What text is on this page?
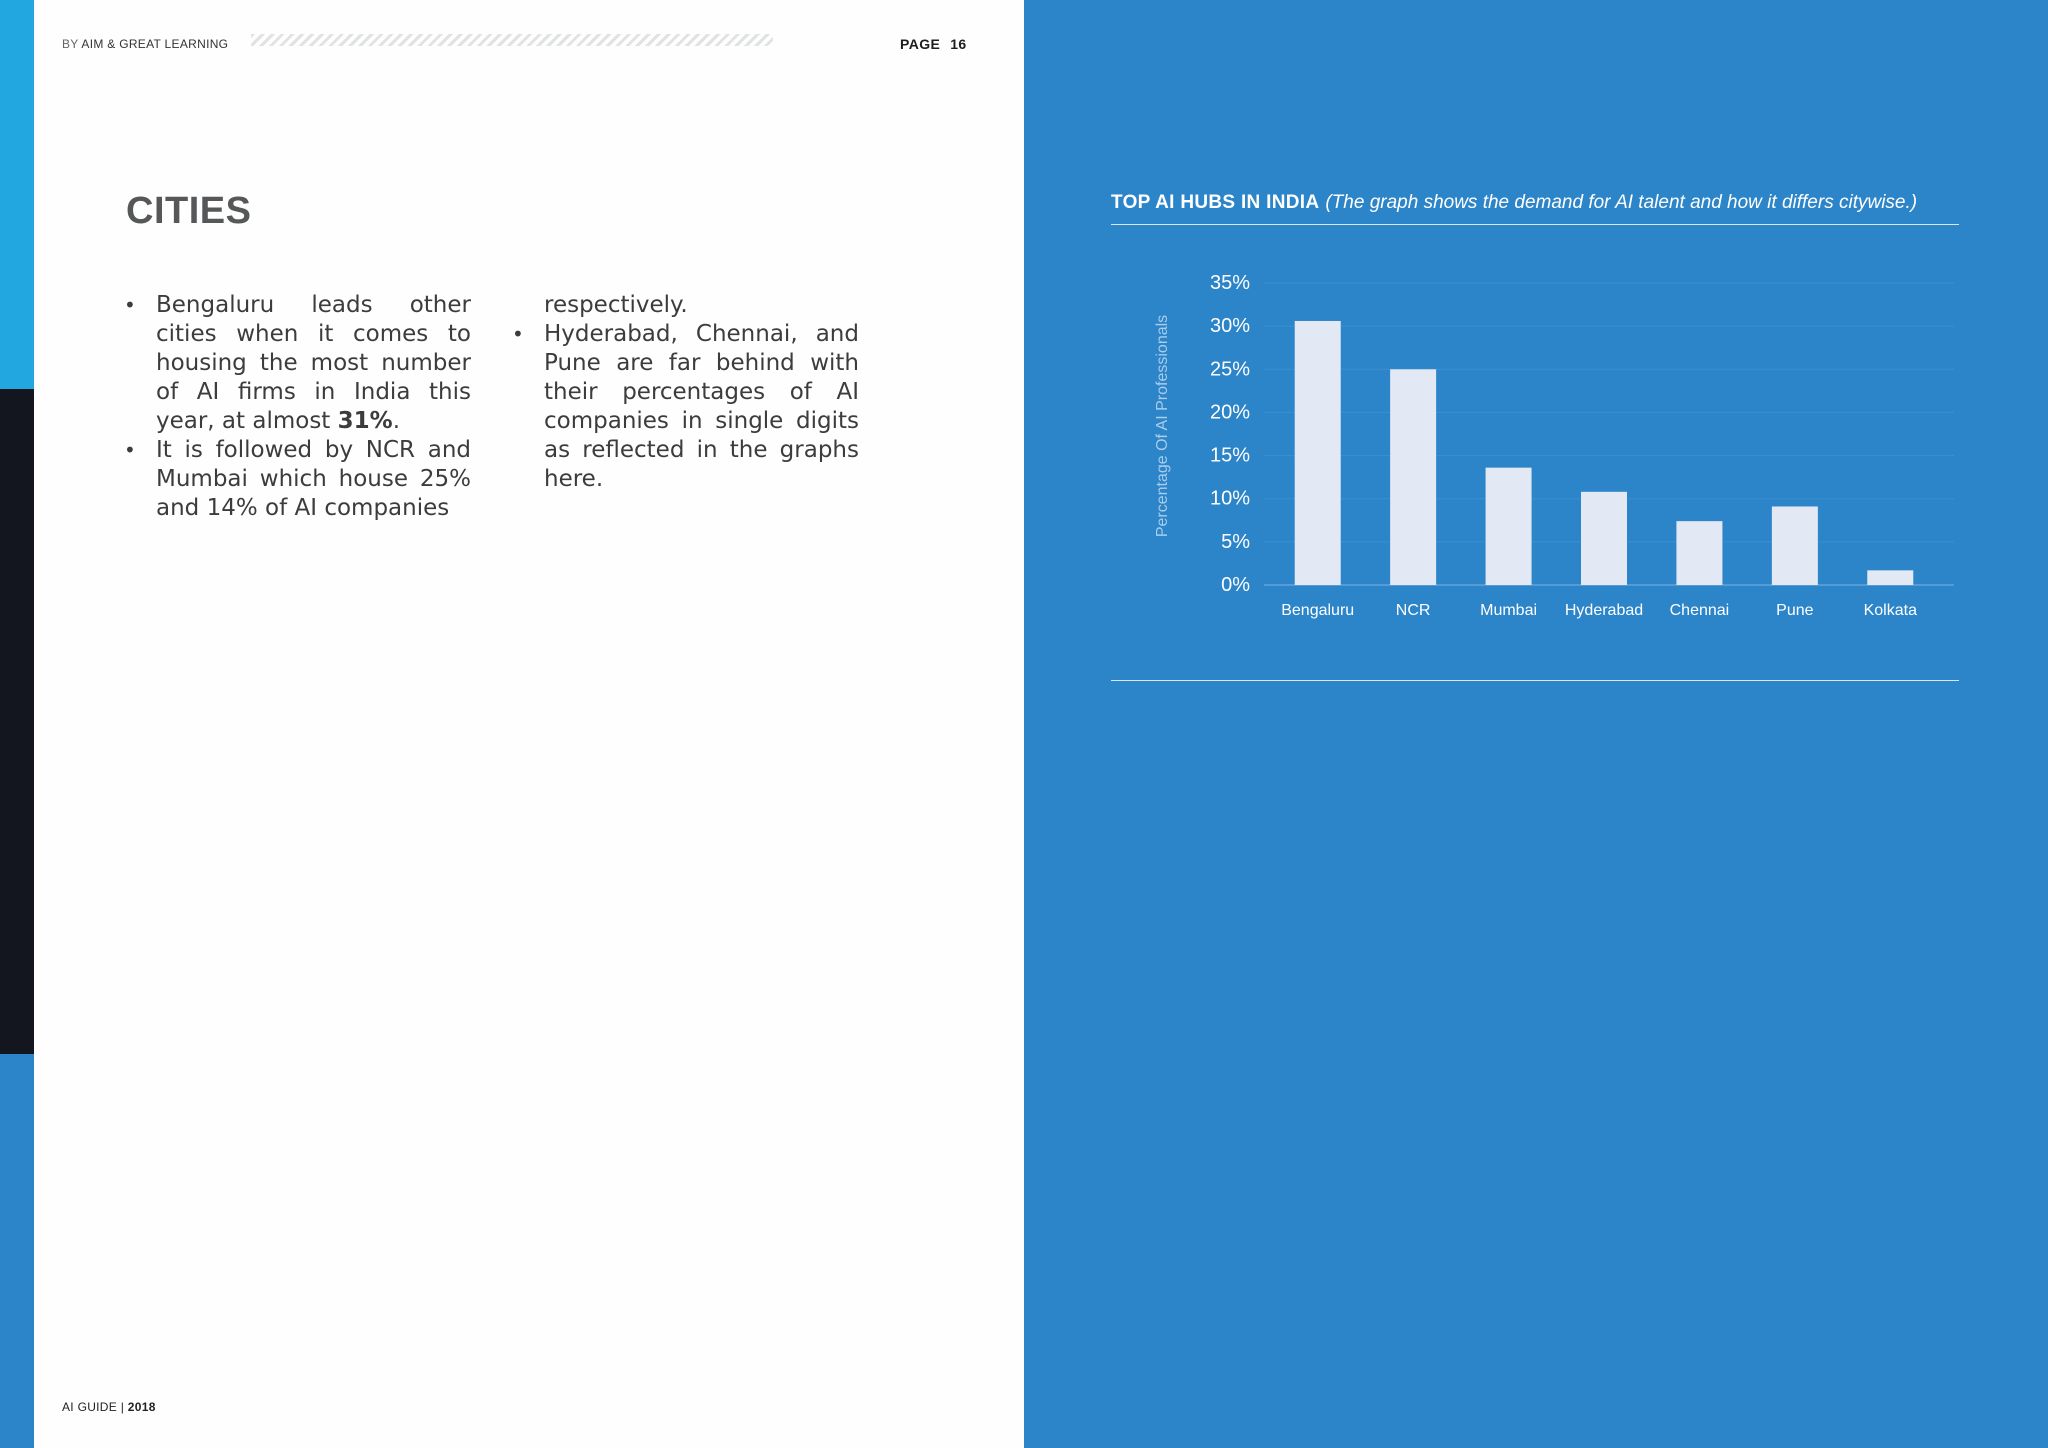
BY AIM & GREAT LEARNING	PAGE 16
CITIES
• Bengaluru leads other cities when it comes to housing the most number of AI firms in India this year, at almost 31%.
• It is followed by NCR and Mumbai which house 25% and 14% of AI companies
respectively.
• Hyderabad, Chennai, and Pune are far behind with their percentages of AI companies in single digits as reflected in the graphs here.
AI GUIDE | 2018
TOP AI HUBS IN INDIA (The graph shows the demand for AI talent and how it differs citywise.)
0%
5%
10%
15%
20%
25%
30%
35%
Bengaluru	NCR	Mumbai Hyderabad Chennai	Pune	Kolkata
Percentage Of AI Professionals
